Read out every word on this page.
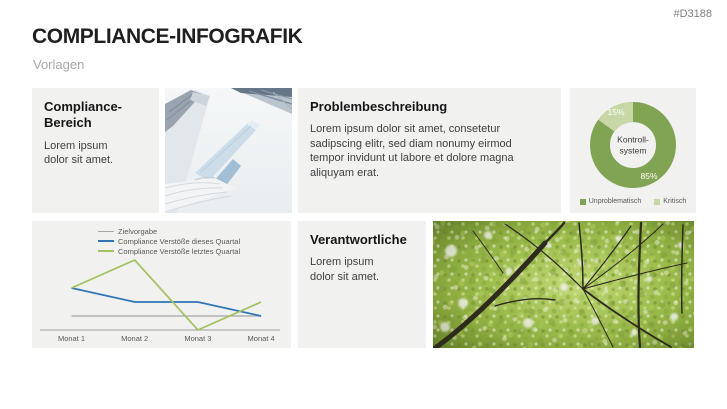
COMPLIANCE-INFOGRAFIK
Vorlagen
#D3188
Compliance-Bereich

Lorem ipsum dolor sit amet.

Problembeschreibung

Lorem ipsum dolor sit amet, consetetur sadipscing elitr, sed diam nonumy eirmod tempor invidunt ut labore et dolore magna aliquyam erat.

15%
85%
Kontroll-system
Unproblematisch	Kritisch
Zielvorgabe
Compliance Verstöße dieses Quartal
Compliance Verstöße letztes Quartal
Monat 1	Monat 2	Monat 3	Monat 4
Verantwortliche

Lorem ipsum dolor sit amet.
